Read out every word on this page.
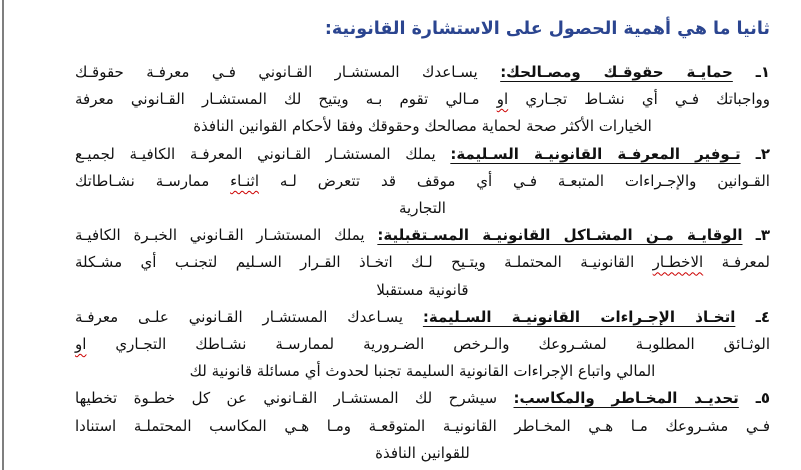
ثانيا ما هي أهمية الحصول على الاستشارة القانونية:
١ـ حمايـة حقوقـك ومصـالحك: يسـاعدك المستشـار القـانوني فـي معرفـة حقوقـك
وواجباتك فـي أي نشـاط تجـاري او مـالي تقوم بـه ويتيح لك المستشـار القـانوني معرفة
الخيارات الأكثر صحة لحماية مصالحك وحقوقك وفقا لأحكام القوانين النافذة
٢ـ تـوفير المعرفـة القانونيـة السـليمة: يملك المستشـار القـانوني المعرفـة الكافيـة لجميـع
القـوانين والإجـراءات المتبعـة فـي أي موقف قد تتعرض لـه اثنـاء ممارسـة نشـاطاتك
التجارية
٣ـ الوقايـة مـن المشـاكل القانونيـة المسـتقبلية: يملك المستشـار القـانوني الخبـرة الكافيـة
لمعرفـة الاخطـار القانونيـة المحتملـة ويتـيح لـك اتخـاذ القـرار السـليم لتجنـب أي مشـكلة
قانونية مستقبلا
٤ـ اتخـاذ الإجـراءات القانونيـة السـليمة: يسـاعدك المستشـار القـانوني علـى معرفـة
الوثـائق المطلوبـة لمشـروعك والـرخص الضـرورية لممارسـة نشـاطك التجـاري او
المالي واتباع الإجراءات القانونية السليمة تجنبا لحدوث أي مسائلة قانونية لك
٥ـ تحديـد المخـاطر والمكاسب: سيشرح لك المستشـار القـانوني عن كل خطـوة تخطيها
فـي مشـروعك مـا هـي المخـاطر القانونيـة المتوقعـة ومـا هـي المكاسب المحتملـة استنادا
للقوانين النافذة
